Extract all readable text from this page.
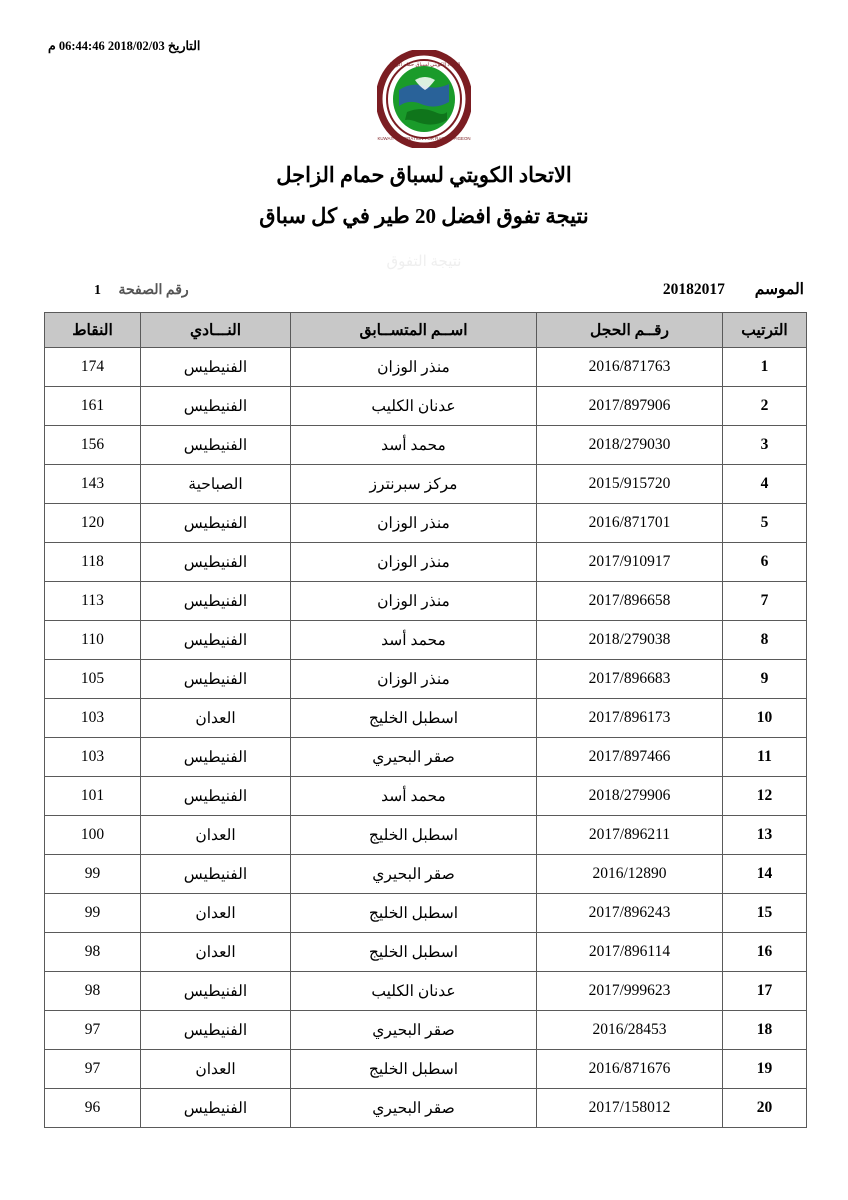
التاريخ 2018/02/03 06:44:46 م
الاتحاد الكويتي لسباق حمام الزاجل
KUWAIT FEDERATION FOR RACING PIGEON
الاتحاد الكويتي لسباق حمام الزاجل
نتيجة تفوق افضل 20 طير في كل سباق
نتيجة التفوق
الموسم 20182017
رقم الصفحة 1
الترتيب	رقــم الحجل	اســم المتســابق	النـــادي	النقاط
1	2016/871763	منذر الوزان	الفنيطيس	174
2	2017/897906	عدنان الكليب	الفنيطيس	161
3	2018/279030	محمد أسد	الفنيطيس	156
4	2015/915720	مركز سبرنترز	الصباحية	143
5	2016/871701	منذر الوزان	الفنيطيس	120
6	2017/910917	منذر الوزان	الفنيطيس	118
7	2017/896658	منذر الوزان	الفنيطيس	113
8	2018/279038	محمد أسد	الفنيطيس	110
9	2017/896683	منذر الوزان	الفنيطيس	105
10	2017/896173	اسطبل الخليج	العدان	103
11	2017/897466	صقر البحيري	الفنيطيس	103
12	2018/279906	محمد أسد	الفنيطيس	101
13	2017/896211	اسطبل الخليج	العدان	100
14	2016/12890	صقر البحيري	الفنيطيس	99
15	2017/896243	اسطبل الخليج	العدان	99
16	2017/896114	اسطبل الخليج	العدان	98
17	2017/999623	عدنان الكليب	الفنيطيس	98
18	2016/28453	صقر البحيري	الفنيطيس	97
19	2016/871676	اسطبل الخليج	العدان	97
20	2017/158012	صقر البحيري	الفنيطيس	96
